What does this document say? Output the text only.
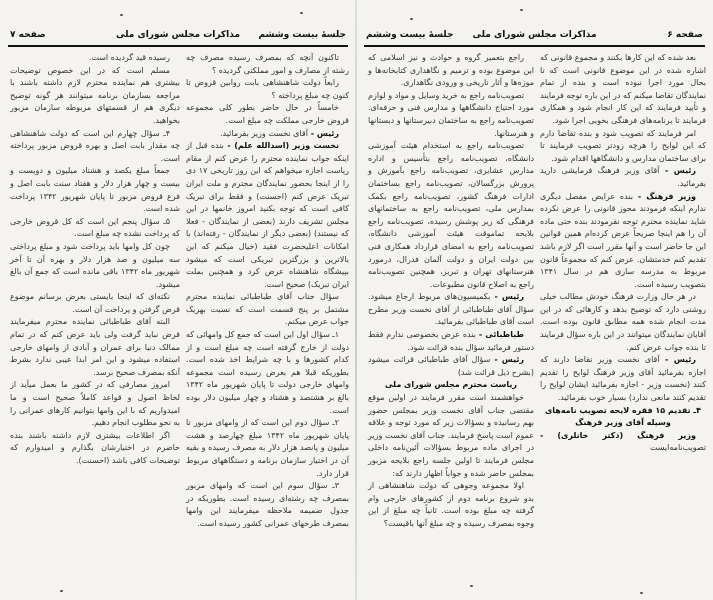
جلسهٔ بیست وششم
مذاکرات مجلس شورای ملی
صفحه ۷

تاکنون آنچه که بمصرف رسیده مصرف چه رشته از مصارف و امور مملکتی گردیده ؟

رابعاً دولت شاهنشاهی بابت روابین قروض تا کنون چه مبلغ پرداخته ؟

خامساً در حال حاضر بطور کلی مجموعه قروض خارجی مملکت چه مبلغ است.

رئیس - آقای نخست وزیر بفرمائید.

نخست وزیر (اسدالله علم) - بنده قبل از اینکه جواب نماینده محترم را عرض کنم از مقام ریاست اجازه میخواهم که این روز تاریخی ۱۷ دی را از اینجا بحضور نمایندگان محترم و ملت ایران تبریک عرض کنم (احسنت) و فقط برای تبریک کافی است که توجه بکنید امروز خانمها در این مجلس تشریف دارند (بعضی از نمایندگان - فعلا که نیستند) (بعضی دیگر از نمایندگان - رفته‌اند) با امکانات اعلیحضرت فقید (خیال میکنم که این بالاترین و بزرگترین تبریکی است که میشود بپیشگاه شاهنشاه عرض کرد و همچنین بملت ایران تبریک) صحیح است.

سؤال جناب آقای طباطبائی نماینده محترم مشتمل بر پنج قسمت است که نسبت بهریک جواب عرض میکنم.

۱ـ سؤال اول این است که جمع کل وامهائی که دولت از خارج گرفته است چه مبلغ است و از کدام کشورها و با چه شرایط اخذ شده است. بطوریکه قبلا هم بعرض رسیده است مجموعه وامهای خارجی دولت تا پایان شهریور ماه ۱۳۴۲ بالغ بر هشتصد و هشتاد و چهار میلیون دلار بوده است.

۲ـ سؤال دوم این است که از وامهای مزبور تا پایان شهریور ماه ۱۳۴۲ مبلغ چهارصد و هشت میلیون و پانصد هزار دلار به مصرف رسیده و بقیه آن در اختیار سازمان برنامه و دستگاههای مربوط قرار دارد.

۳ـ سؤال سوم این است که وامهای مزبور بمصرف چه رشته‌ای رسیده است. بطوریکه در جدول ضمیمه ملاحظه میفرمایند این وامها بمصرف طرحهای عمرانی کشور رسیده است.

رسیده قید گردیده است.

مسلم است که در این خصوص توضیحات بیشتری هم نماینده محترم لازم داشته باشند با مراجعه بسازمان برنامه میتوانند هر گونه توضیح دیگری هم از قسمتهای مربوطه سازمان مزبور بخواهید.

۴ـ سؤال چهارم این است که دولت شاهنشاهی چه مقدار بابت اصل و بهره قروض مزبور پرداخته است.

جمعاً مبلغ یکصد و هشتاد میلیون و دویست و بیست و چهار هزار دلار و هفتاد سنت بابت اصل و فرع قروض مزبور تا پایان شهریور ۱۳۴۲ پرداخت شده است.

۵ـ سؤال پنجم این است که کل قروض خارجی که پرداخت نشده چه مبلغ است.

چون کل وامها باید پرداخت شود و مبلغ پرداختی سه میلیون و صد هزار دلار و بهره آن تا آخر شهریور ماه ۱۳۴۲ باقی مانده است که جمع آن بالغ میشود.

نکته‌ای که اینجا بایستی بعرض برسانم موضوع قرض گرفتن و پرداخت آن است.

البته آقای طباطبائی نماینده محترم میفرمایند قرض نباید گرفت ولی باید عرض کنم که در تمام ممالک دنیا برای عمران و آبادی از وامهای خارجی استفاده میشود و این امر ابدا عیبی ندارد بشرط آنکه بمصرف صحیح برسد.

امروز مصارفی که در کشور ما بعمل میآید از لحاظ اصول و قواعد کاملاً صحیح است و ما امیدواریم که با این وامها بتوانیم کارهای عمرانی را به نحو مطلوب انجام دهیم.

اگر اطلاعات بیشتری لازم داشته باشند بنده حاضرم در اختیارشان بگذارم و امیدوارم که توضیحات کافی باشد (احسنت).

جلسهٔ بیست وششم	مذاکرات مجلس شورای ملی	صفحه ۶

بعد شده که این کارها بکنند و مجموع قانونی که اشاره شده در این موضوع قانونی است که تا بحال مورد اجرا نبوده است و بنده از تمام نمایندگان تقاضا میکنم که در این باره توجه فرمایند و تأیید فرمایند که این کار انجام شود و همکاری فرمایند تا برنامه‌های فرهنگی بخوبی اجرا شود.

امر فرمایند که تصویب شود و بنده تقاضا دارم که این لوایح را هرچه زودتر تصویب فرمایند تا برای ساختمان مدارس و دانشگاهها اقدام شود.

رئیس - آقای وزیر فرهنگ فرمایشی دارید بفرمائید.

وزیر فرهنگ - بنده عرایض مفصل دیگری ندارم اینکه فرمودند مجوز قانونی را عرض نکرده شاید نماینده محترم توجه نفرمودند بنده حتی ماده آن را هم اینجا صریحاً عرض کرده‌ام همین قوانین این جا حاضر است و آنها مقرر است اگر لازم باشد تقدیم کنم خدمتشان. عرض کنم که مجموعاً قانون مربوط به مدرسه سازی هم در سال ۱۳۴۱ بتصویب رسیده است.

در هر حال وزارت فرهنگ خودش مطالب خیلی روشنی دارد که توضیح بدهد و کارهائی که در این مدت انجام شده همه مطابق قانون بوده است. آقایان نمایندگان میتوانند در این باره سؤال فرمایند تا بنده جواب عرض کنم.

رئیس - آقای نخست وزیر تقاضا دارند که اجازه بفرمائید آقای وزیر فرهنگ لوایح را تقدیم کنند (نخست وزیر - اجازه بفرمائید ایشان لوایح را تقدیم کنند مانعی ندارد) بسیار خوب بفرمائید.

۴ـ تقدیم ۱۵ فقره لایحه تصویب نامه‌های وسیله آقای وزیر فرهنگ

وزیر فرهنگ (دکتر خانلری) - تصویب‌نامه‌ایست

راجع بتعمیر گروه و حوادث و نیز اسلامی که این موضوع بوده و ترمیم و نگاهداری کتابخانه‌ها و موزه‌ها و آثار تاریخی و ورودی نگاهداری.

تصویب‌نامه راجع به خرید وسایل و مواد و لوازم مورد احتیاج دانشگاهها و مدارس فنی و حرفه‌ای. تصویب‌نامه راجع به ساختمان دبیرستانها و دبستانها و هنرستانها.

تصویب‌نامه راجع به استخدام هیئت آموزشی دانشگاه، تصویب‌نامه راجع بتأسیس و اداره مدارس عشایری، تصویب‌نامه راجع بآموزش و پرورش بزرگسالان، تصویب‌نامه راجع بساختمان ادارات فرهنگ کشور، تصویب‌نامه راجع بکمک بمدارس ملی، تصویب‌نامه راجع به ساختمانهای فرهنگی که زیر پوشش رسیده، تصویب‌نامه راجع بلایحه تماموقت هیئت آموزشی دانشگاه، تصویب‌نامه راجع به امضای قرارداد همکاری فنی بین دولت ایران و دولت آلمان فدرال، درمورد هنرستانهای تهران و تبریز، همچنین تصویب‌نامه راجع به اصلاح قانون مطبوعات.

رئیس - بکمیسیون‌های مربوط ارجاع میشود. سؤال آقای طباطبائی از آقای نخست وزیر مطرح است آقای طباطبائی بفرمائید.

طباطبائی - بنده عرض بخصوصی ندارم فقط دستور فرمائید سؤال بنده قرائت شود.

رئیس - سؤال آقای طباطبائی قرائت میشود (بشرح ذیل قرائت شد)

ریاست محترم مجلس شورای ملی

خواهشمند است مقرر فرمایند در اولین موقع مقتضی جناب آقای نخست وزیر بمجلس حضور بهم رسانیده و بسؤالات زیر که مورد توجه و علاقه عموم است پاسخ فرمایند. جناب آقای نخست وزیر در اجرای ماده مربوط بسؤالات آئین‌نامه داخلی مجلس فرمایند تا اولین جلسه راجع بلایحه مزبور بمجلس حاضر شده و جواباً اظهار دارند که:

اولا مجموعه وجوهی که دولت شاهنشاهی از بدو شروع برنامه دوم از کشورهای خارجی وام گرفته چه مبلغ بوده است. ثانیاً چه مبلغ از این وجوه بمصرف رسیده و چه مبلغ آنها باقیست؟
